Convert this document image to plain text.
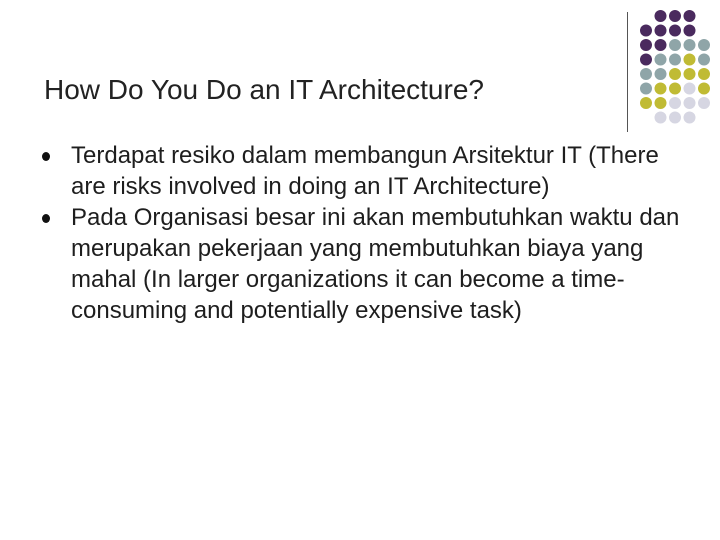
How Do You Do an IT Architecture?
Terdapat resiko dalam membangun Arsitektur IT (There are risks involved in doing an IT Architecture)
Pada Organisasi besar ini akan membutuhkan waktu dan merupakan pekerjaan yang membutuhkan biaya yang mahal (In larger organizations it can become a time-consuming and potentially expensive task)
